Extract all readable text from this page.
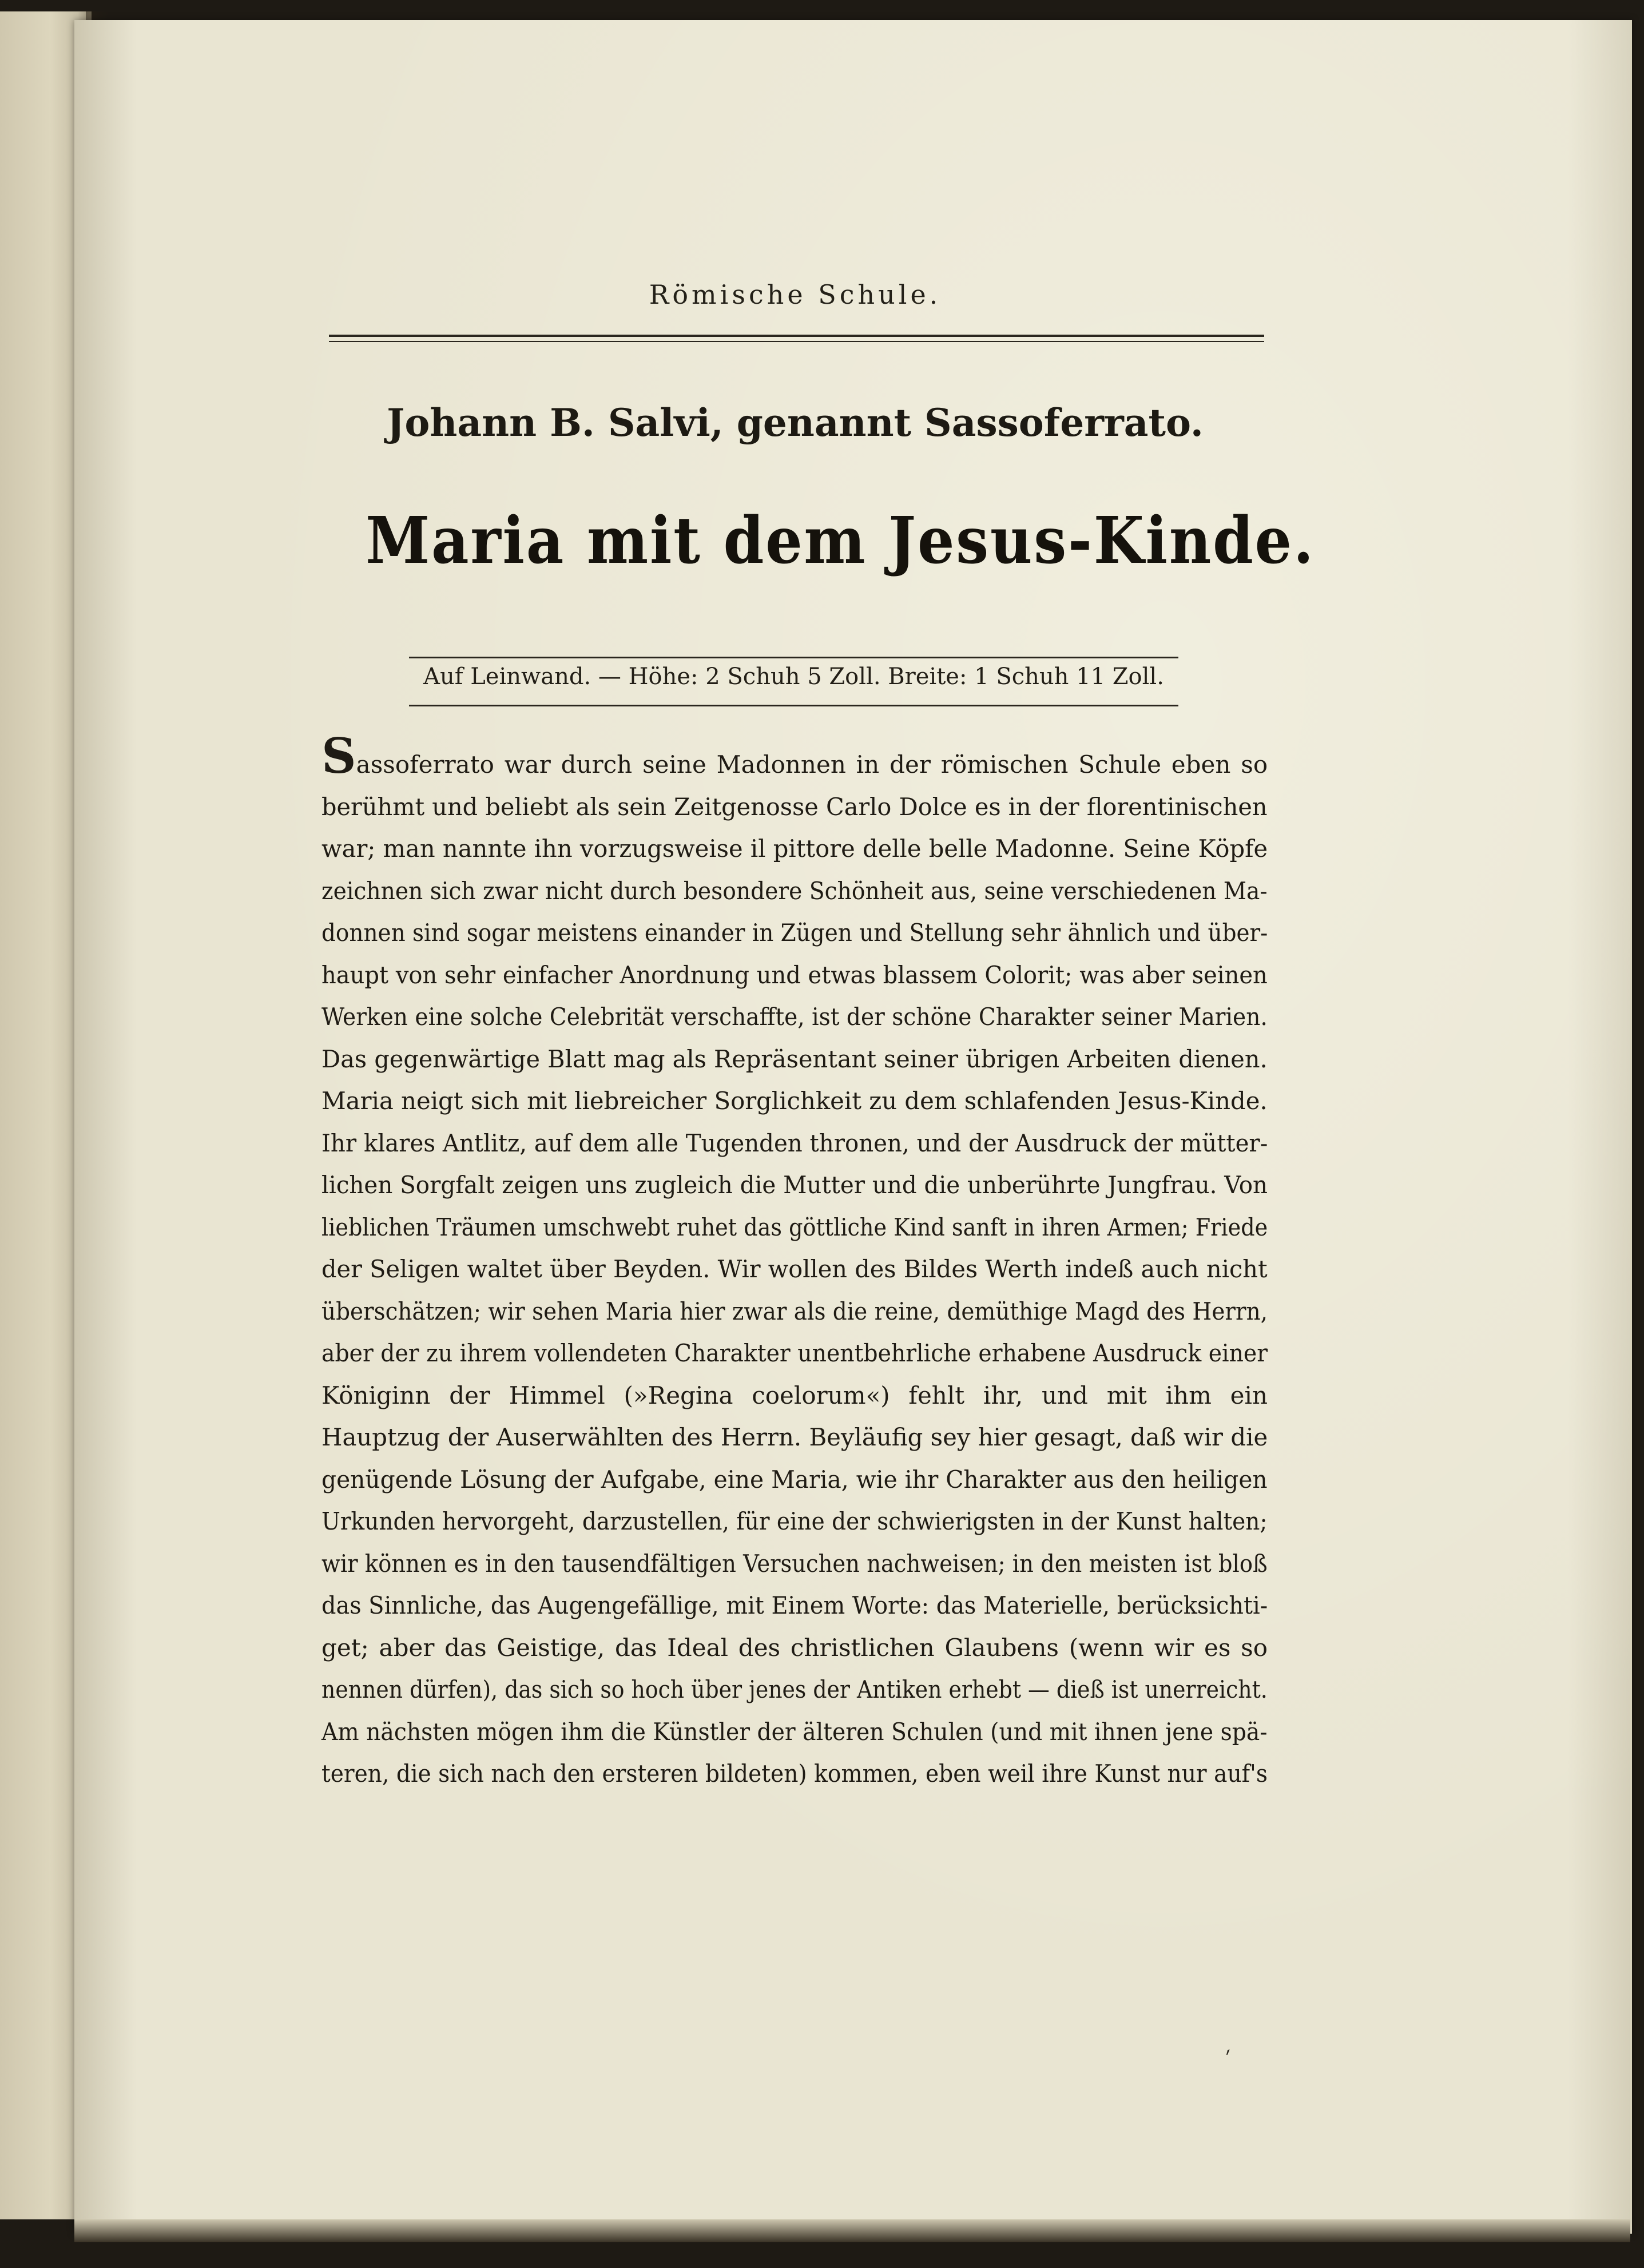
Römische Schule.
Johann B. Salvi, genannt Sassoferrato.
Maria mit dem Jesus-Kinde.
Auf Leinwand. — Höhe: 2 Schuh 5 Zoll. Breite: 1 Schuh 11 Zoll.
Sassoferrato war durch seine Madonnen in der römischen Schule eben so
berühmt und beliebt als sein Zeitgenosse Carlo Dolce es in der florentinischen
war; man nannte ihn vorzugsweise il pittore delle belle Madonne. Seine Köpfe
zeichnen sich zwar nicht durch besondere Schönheit aus, seine verschiedenen Ma-
donnen sind sogar meistens einander in Zügen und Stellung sehr ähnlich und über-
haupt von sehr einfacher Anordnung und etwas blassem Colorit; was aber seinen
Werken eine solche Celebrität verschaffte, ist der schöne Charakter seiner Marien.
Das gegenwärtige Blatt mag als Repräsentant seiner übrigen Arbeiten dienen.
Maria neigt sich mit liebreicher Sorglichkeit zu dem schlafenden Jesus-Kinde.
Ihr klares Antlitz, auf dem alle Tugenden thronen, und der Ausdruck der mütter-
lichen Sorgfalt zeigen uns zugleich die Mutter und die unberührte Jungfrau. Von
lieblichen Träumen umschwebt ruhet das göttliche Kind sanft in ihren Armen; Friede
der Seligen waltet über Beyden. Wir wollen des Bildes Werth indeß auch nicht
überschätzen; wir sehen Maria hier zwar als die reine, demüthige Magd des Herrn,
aber der zu ihrem vollendeten Charakter unentbehrliche erhabene Ausdruck einer
Königinn der Himmel (»Regina coelorum«) fehlt ihr, und mit ihm ein
Hauptzug der Auserwählten des Herrn. Beyläufig sey hier gesagt, daß wir die
genügende Lösung der Aufgabe, eine Maria, wie ihr Charakter aus den heiligen
Urkunden hervorgeht, darzustellen, für eine der schwierigsten in der Kunst halten;
wir können es in den tausendfältigen Versuchen nachweisen; in den meisten ist bloß
das Sinnliche, das Augengefällige, mit Einem Worte: das Materielle, berücksichti-
get; aber das Geistige, das Ideal des christlichen Glaubens (wenn wir es so
nennen dürfen), das sich so hoch über jenes der Antiken erhebt — dieß ist unerreicht.
Am nächsten mögen ihm die Künstler der älteren Schulen (und mit ihnen jene spä-
teren, die sich nach den ersteren bildeten) kommen, eben weil ihre Kunst nur auf's
ˊ
